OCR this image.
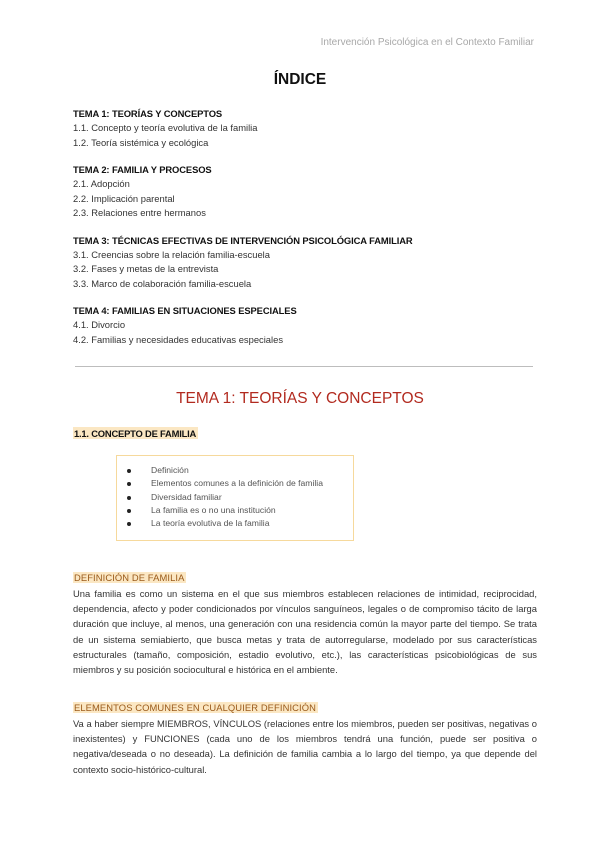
Intervención Psicológica en el Contexto Familiar
ÍNDICE
TEMA 1: TEORÍAS Y CONCEPTOS
1.1. Concepto y teoría evolutiva de la familia
1.2. Teoría sistémica y ecológica
TEMA 2: FAMILIA Y PROCESOS
2.1. Adopción
2.2. Implicación parental
2.3. Relaciones entre hermanos
TEMA 3: TÉCNICAS EFECTIVAS DE INTERVENCIÓN PSICOLÓGICA FAMILIAR
3.1. Creencias sobre la relación familia-escuela
3.2. Fases y metas de la entrevista
3.3. Marco de colaboración familia-escuela
TEMA 4: FAMILIAS EN SITUACIONES ESPECIALES
4.1. Divorcio
4.2. Familias y necesidades educativas especiales
TEMA 1: TEORÍAS Y CONCEPTOS
1.1. CONCEPTO DE FAMILIA
Definición
Elementos comunes a la definición de familia
Diversidad familiar
La familia es o no una institución
La teoría evolutiva de la familia
DEFINICIÓN DE FAMILIA
Una familia es como un sistema en el que sus miembros establecen relaciones de intimidad, reciprocidad, dependencia, afecto y poder condicionados por vínculos sanguíneos, legales o de compromiso tácito de larga duración que incluye, al menos, una generación con una residencia común la mayor parte del tiempo. Se trata de un sistema semiabierto, que busca metas y trata de autorregularse, modelado por sus características estructurales (tamaño, composición, estadio evolutivo, etc.), las características psicobiológicas de sus miembros y su posición sociocultural e histórica en el ambiente.
ELEMENTOS COMUNES EN CUALQUIER DEFINICIÓN
Va a haber siempre MIEMBROS, VÍNCULOS (relaciones entre los miembros, pueden ser positivas, negativas o inexistentes) y FUNCIONES (cada uno de los miembros tendrá una función, puede ser positiva o negativa/deseada o no deseada). La definición de familia cambia a lo largo del tiempo, ya que depende del contexto socio-histórico-cultural.
